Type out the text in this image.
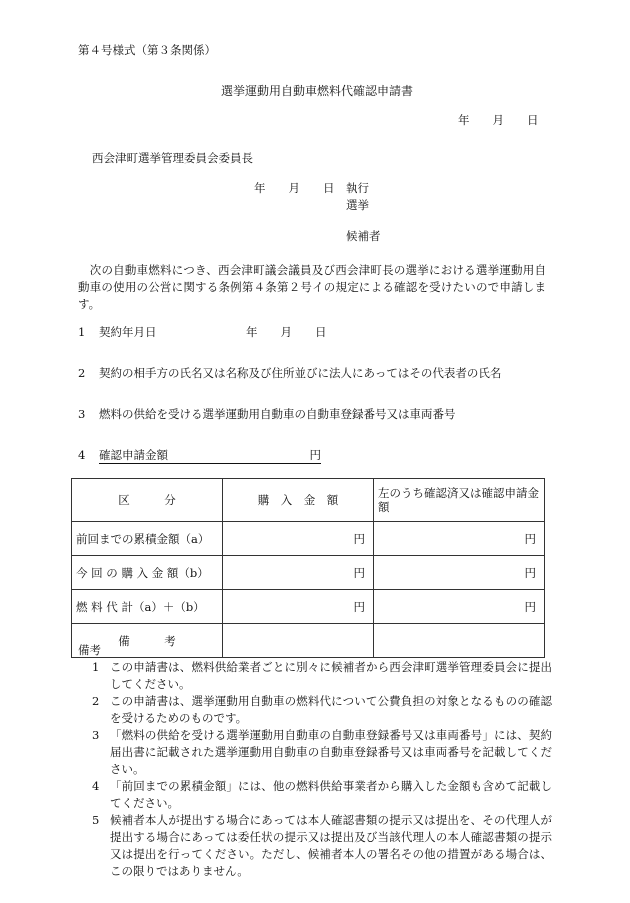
第４号様式（第３条関係）
選挙運動用自動車燃料代確認申請書
年　　月　　日
西会津町選挙管理委員会委員長
年　　月　　日 執行
選挙
候補者
　次の自動車燃料につき、西会津町議会議員及び西会津町長の選挙における選挙運動用自動車の使用の公営に関する条例第４条第２号イの規定による確認を受けたいので申請します。
1 契約年月日	年　　月　　日
2 契約の相手方の氏名又は名称及び住所並びに法人にあってはその代表者の氏名
3 燃料の供給を受ける選挙運動用自動車の自動車登録番号又は車両番号
4 確認申請金額	円
区　　　分	購　入　金　額	左のうち確認済又は確認申請金額
前回までの累積金額（a）	円	円
今 回 の 購 入 金 額（b）	円	円
燃 料 代 計（a）＋（b）	円	円
備　　　考		
備考
1 この申請書は、燃料供給業者ごとに別々に候補者から西会津町選挙管理委員会に提出してください。
2 この申請書は、選挙運動用自動車の燃料代について公費負担の対象となるものの確認を受けるためのものです。
3 「燃料の供給を受ける選挙運動用自動車の自動車登録番号又は車両番号」には、契約届出書に記載された選挙運動用自動車の自動車登録番号又は車両番号を記載してください。
4 「前回までの累積金額」には、他の燃料供給事業者から購入した金額も含めて記載してください。
5 候補者本人が提出する場合にあっては本人確認書類の提示又は提出を、その代理人が提出する場合にあっては委任状の提示又は提出及び当該代理人の本人確認書類の提示又は提出を行ってください。ただし、候補者本人の署名その他の措置がある場合は、この限りではありません。
